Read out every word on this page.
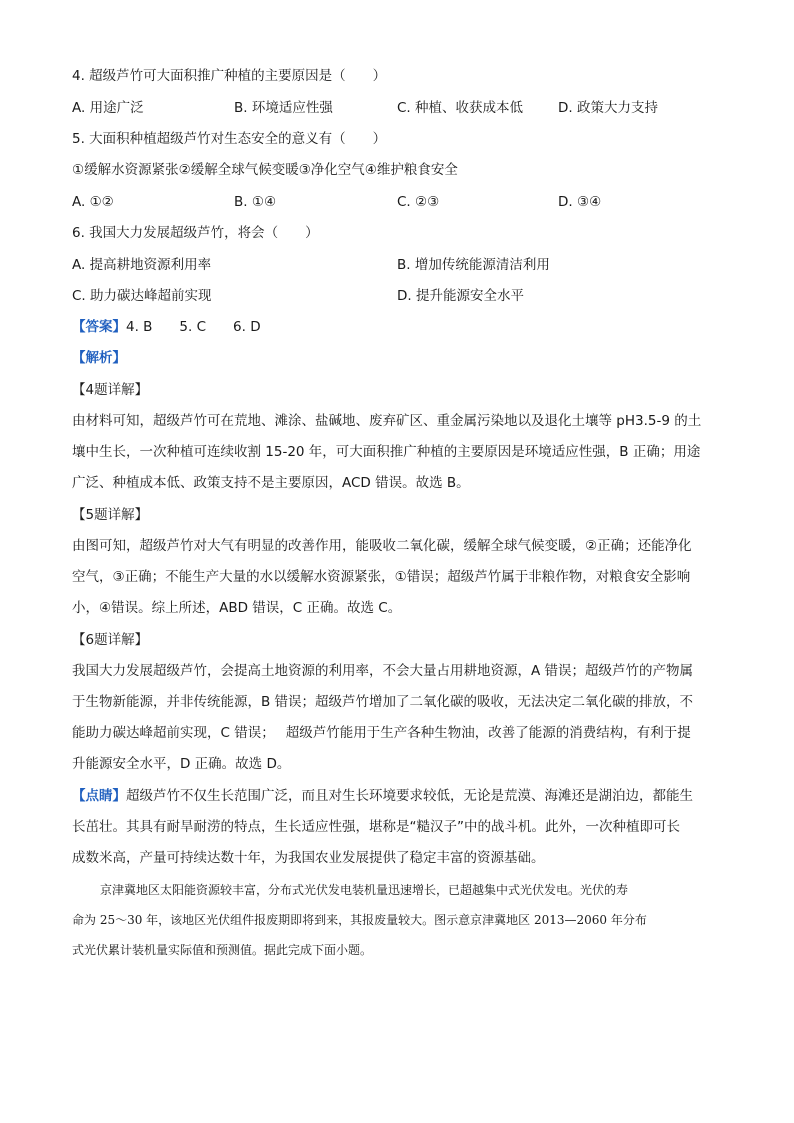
4. 超级芦竹可大面积推广种植的主要原因是（　　）
A. 用途广泛	B. 环境适应性强	C. 种植、收获成本低	D. 政策大力支持
5. 大面积种植超级芦竹对生态安全的意义有（　　）
①缓解水资源紧张②缓解全球气候变暖③净化空气④维护粮食安全
A. ①②	B. ①④	C. ②③	D. ③④
6. 我国大力发展超级芦竹，将会（　　）
A. 提高耕地资源利用率	B. 增加传统能源清洁利用
C. 助力碳达峰超前实现	D. 提升能源安全水平
【答案】4. B　　5. C　　6. D
【解析】
【4题详解】
由材料可知，超级芦竹可在荒地、滩涂、盐碱地、废弃矿区、重金属污染地以及退化土壤等 pH3.5-9 的土
壤中生长，一次种植可连续收割 15-20 年，可大面积推广种植的主要原因是环境适应性强，B 正确；用途
广泛、种植成本低、政策支持不是主要原因，ACD 错误。故选 B。
【5题详解】
由图可知，超级芦竹对大气有明显的改善作用，能吸收二氧化碳，缓解全球气候变暖，②正确；还能净化
空气，③正确；不能生产大量的水以缓解水资源紧张，①错误；超级芦竹属于非粮作物，对粮食安全影响
小，④错误。综上所述，ABD 错误，C 正确。故选 C。
【6题详解】
我国大力发展超级芦竹，会提高土地资源的利用率，不会大量占用耕地资源，A 错误；超级芦竹的产物属
于生物新能源，并非传统能源，B 错误；超级芦竹增加了二氧化碳的吸收，无法决定二氧化碳的排放，不
能助力碳达峰超前实现，C 错误；　 超级芦竹能用于生产各种生物油，改善了能源的消费结构，有利于提
升能源安全水平，D 正确。故选 D。
【点睛】超级芦竹不仅生长范围广泛，而且对生长环境要求较低，无论是荒漠、海滩还是湖泊边，都能生
长茁壮。其具有耐旱耐涝的特点，生长适应性强，堪称是“糙汉子”中的战斗机。此外，一次种植即可长
成数米高，产量可持续达数十年，为我国农业发展提供了稳定丰富的资源基础。
京津冀地区太阳能资源较丰富，分布式光伏发电装机量迅速增长，已超越集中式光伏发电。光伏的寿
命为 25～30 年，该地区光伏组件报废期即将到来，其报废量较大。图示意京津冀地区 2013—2060 年分布
式光伏累计装机量实际值和预测值。据此完成下面小题。
